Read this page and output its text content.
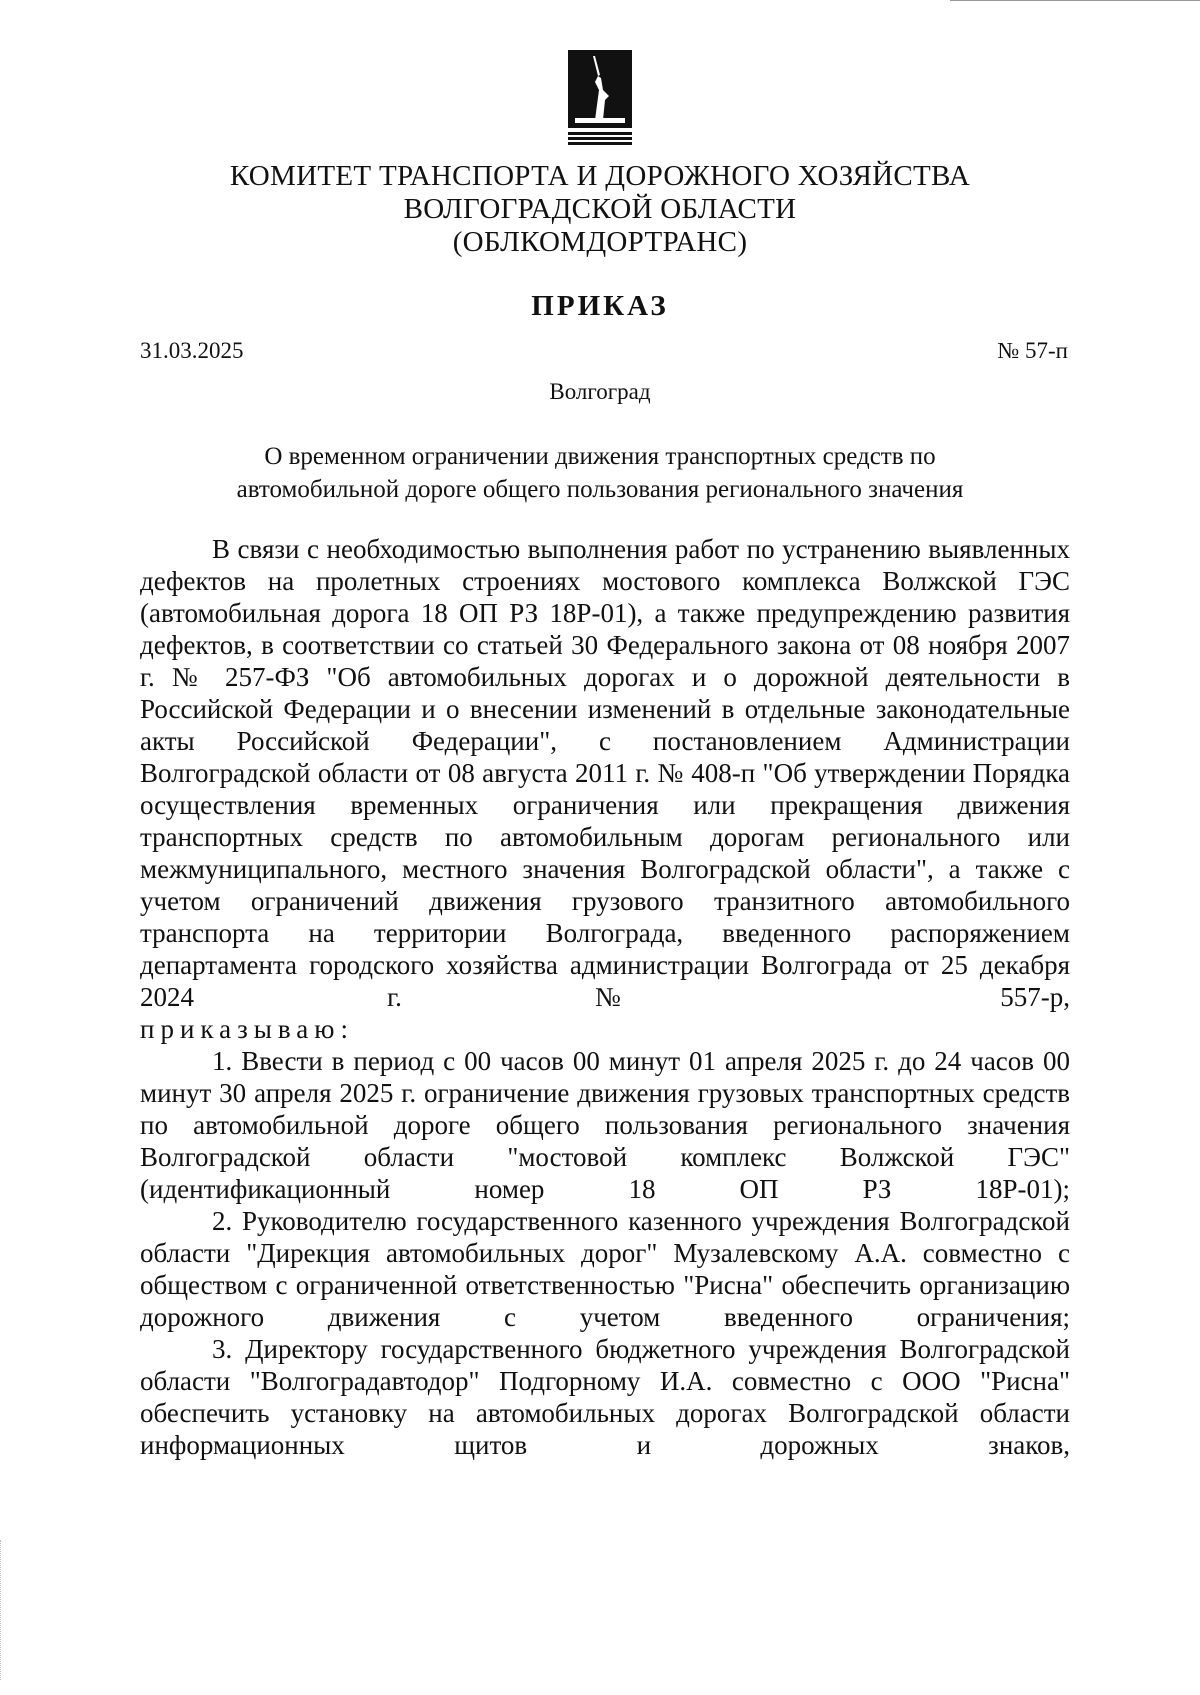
КОМИТЕТ ТРАНСПОРТА И ДОРОЖНОГО ХОЗЯЙСТВА
ВОЛГОГРАДСКОЙ ОБЛАСТИ
(ОБЛКОМДОРТРАНС)
ПРИКАЗ
31.03.2025	№ 57-п
Волгоград
О временном ограничении движения транспортных средств по
автомобильной дороге общего пользования регионального значения

В связи с необходимостью выполнения работ по устранению выявленных дефектов на пролетных строениях мостового комплекса Волжской ГЭС (автомобильная дорога 18 ОП РЗ 18Р-01), а также предупреждению развития дефектов, в соответствии со статьей 30 Федерального закона от 08 ноября 2007 г. № 257-ФЗ "Об автомобильных дорогах и о дорожной деятельности в Российской Федерации и о внесении изменений в отдельные законодательные акты Российской Федерации", с постановлением Администрации Волгоградской области от 08 августа 2011 г. № 408-п "Об утверждении Порядка осуществления временных ограничения или прекращения движения транспортных средств по автомобильным дорогам регионального или межмуниципального, местного значения Волгоградской области", а также с учетом ограничений движения грузового транзитного автомобильного транспорта на территории Волгограда, введенного распоряжением департамента городского хозяйства администрации Волгограда от 25 декабря 2024 г. № 557-р,

приказываю:

1. Ввести в период с 00 часов 00 минут 01 апреля 2025 г. до 24 часов 00 минут 30 апреля 2025 г. ограничение движения грузовых транспортных средств по автомобильной дороге общего пользования регионального значения Волгоградской области "мостовой комплекс Волжской ГЭС" (идентификационный номер 18 ОП РЗ 18Р-01);

2. Руководителю государственного казенного учреждения Волгоградской области "Дирекция автомобильных дорог" Музалевскому А.А. совместно с обществом с ограниченной ответственностью "Рисна" обеспечить организацию дорожного движения с учетом введенного ограничения;

3. Директору государственного бюджетного учреждения Волгоградской области "Волгоградавтодор" Подгорному И.А. совместно с ООО "Рисна" обеспечить установку на автомобильных дорогах Волгоградской области информационных щитов и дорожных знаков,
